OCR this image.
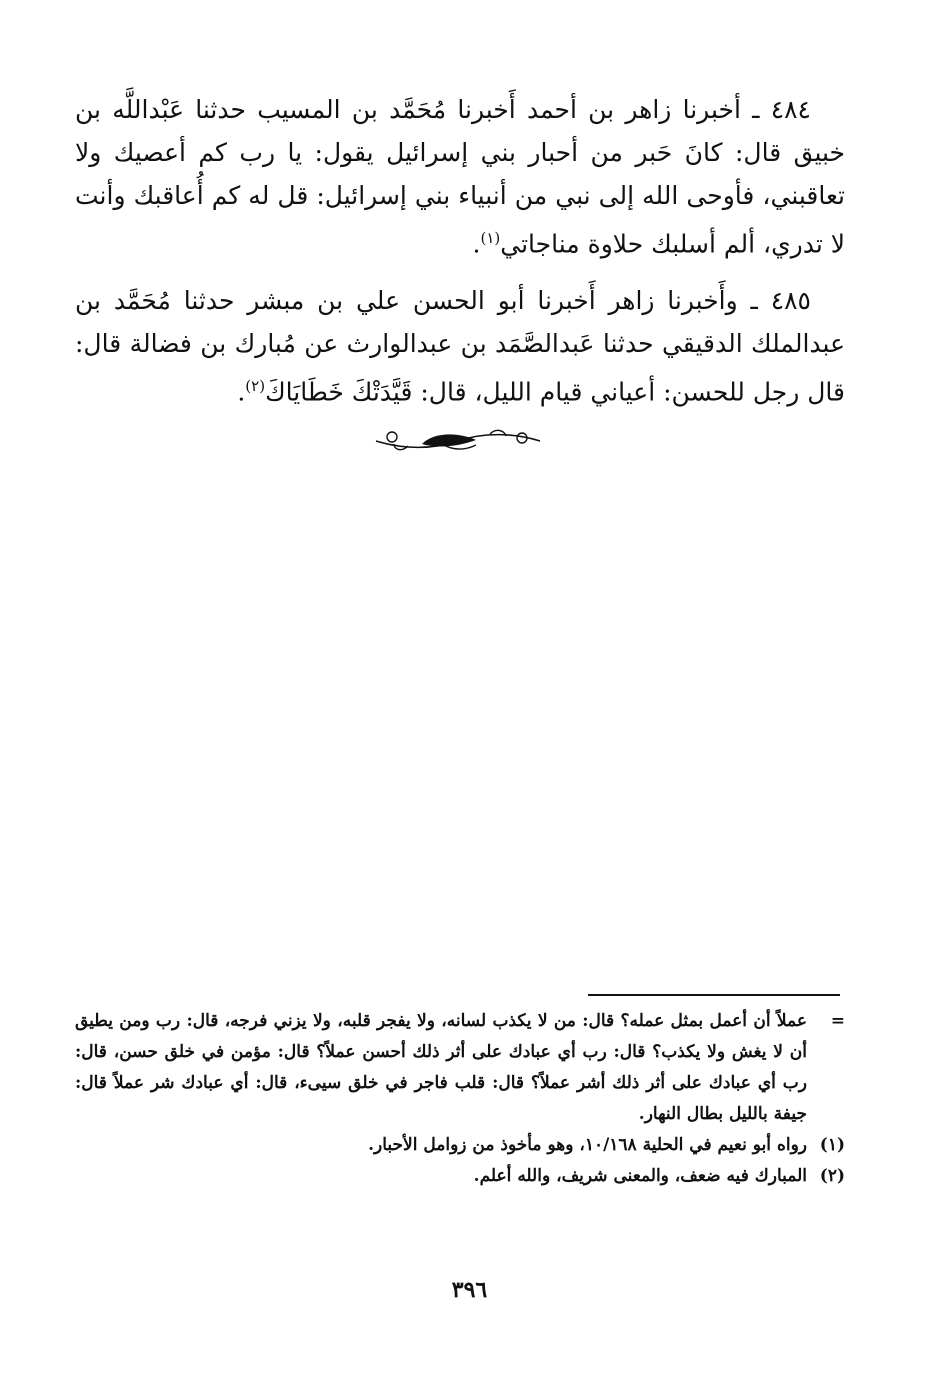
٤٨٤ ـ أخبرنا زاهر بن أحمد أَخبرنا مُحَمَّد بن المسيب حدثنا عَبْداللَّه بن خبيق قال: كانَ حَبر من أحبار بني إسرائيل يقول: يا رب كم أعصيك ولا تعاقبني، فأوحى الله إلى نبي من أنبياء بني إسرائيل: قل له كم أُعاقبك وأنت لا تدري، ألم أسلبك حلاوة مناجاتي$^{(١)}$.

٤٨٥ ـ وأَخبرنا زاهر أَخبرنا أبو الحسن علي بن مبشر حدثنا مُحَمَّد بن عبدالملك الدقيقي حدثنا عَبدالصَّمَد بن عبدالوارث عن مُبارك بن فضالة قال: قال رجل للحسن: أعياني قيام الليل، قال: قَيَّدَتْكَ خَطَايَاكَ$^{(٢)}$.

=
عملاً أن أعمل بمثل عمله؟ قال: من لا يكذب لسانه، ولا يفجر قلبه، ولا يزني فرجه، قال: رب ومن يطيق أن لا يغش ولا يكذب؟ قال: رب أي عبادك على أثر ذلك أحسن عملاً؟ قال: مؤمن في خلق حسن، قال: رب أي عبادك على أثر ذلك أشر عملاً؟ قال: قلب فاجر في خلق سيىء، قال: أي عبادك شر عملاً قال: جيفة بالليل بطال النهار.
(١)
رواه أبو نعيم في الحلية ١٠/١٦٨، وهو مأخوذ من زوامل الأحبار.
(٢)
المبارك فيه ضعف، والمعنى شريف، والله أعلم.
٣٩٦
